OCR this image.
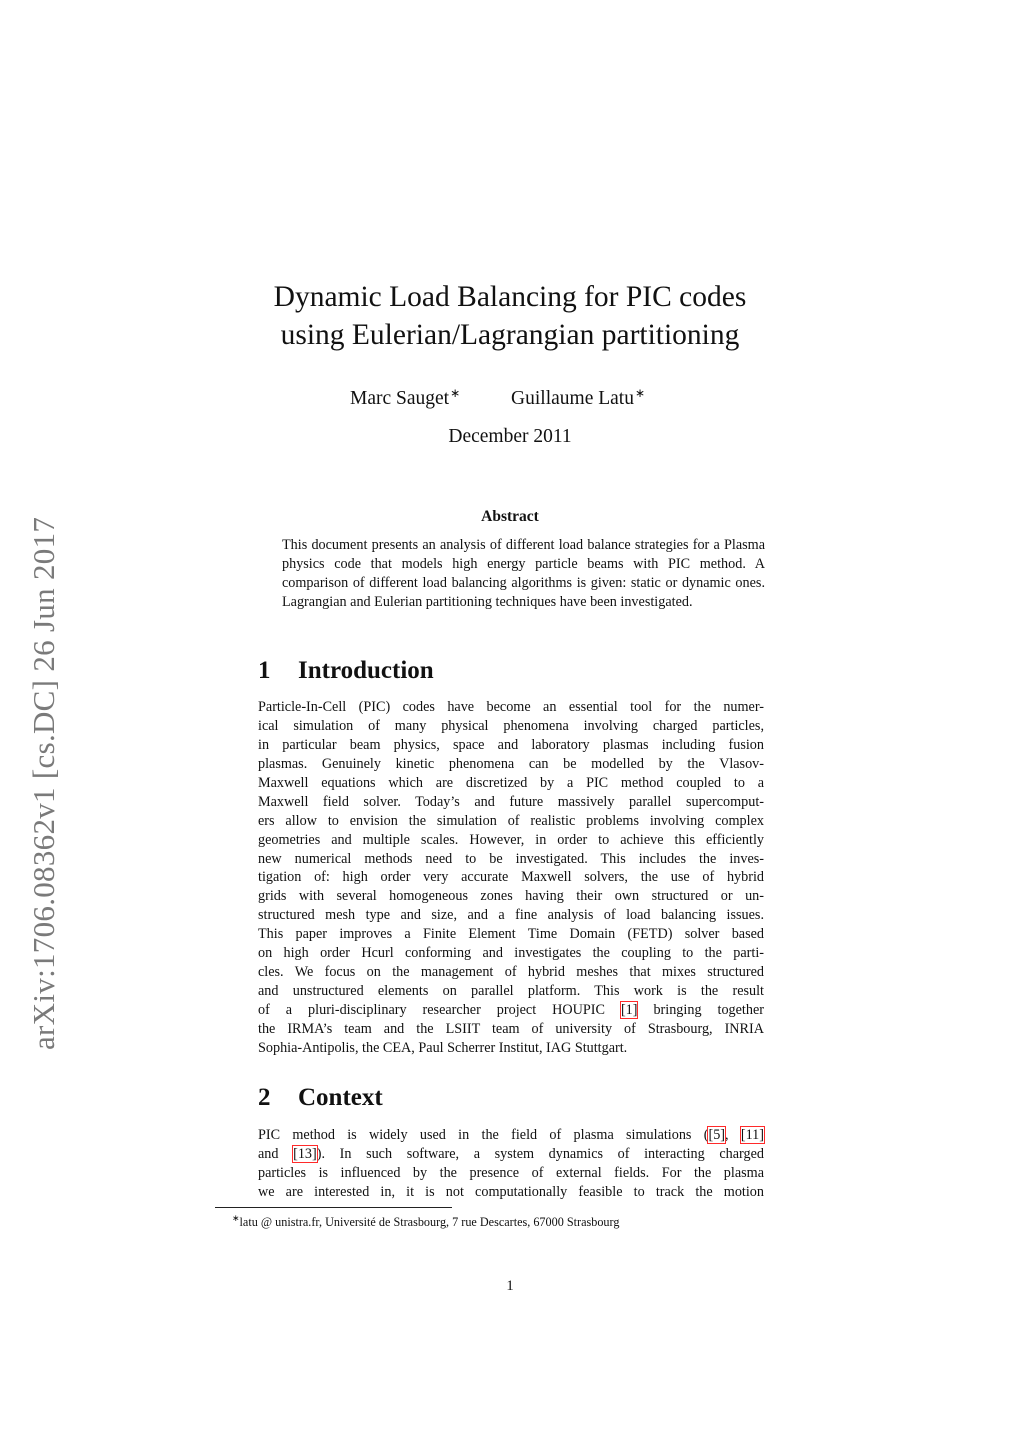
arXiv:1706.08362v1 [cs.DC] 26 Jun 2017
Dynamic Load Balancing for PIC codes
using Eulerian/Lagrangian partitioning
Marc Sauget∗	Guillaume Latu∗
December 2011
Abstract
This document presents an analysis of different load balance strategies for a Plasma physics code that models high energy particle beams with PIC method. A comparison of different load balancing algorithms is given: static or dynamic ones. Lagrangian and Eulerian partitioning techniques have been investigated.
1 Introduction
Particle-In-Cell (PIC) codes have become an essential tool for the numer-
ical simulation of many physical phenomena involving charged particles,
in particular beam physics, space and laboratory plasmas including fusion
plasmas. Genuinely kinetic phenomena can be modelled by the Vlasov-
Maxwell equations which are discretized by a PIC method coupled to a
Maxwell field solver. Today’s and future massively parallel supercomput-
ers allow to envision the simulation of realistic problems involving complex
geometries and multiple scales. However, in order to achieve this efficiently
new numerical methods need to be investigated. This includes the inves-
tigation of: high order very accurate Maxwell solvers, the use of hybrid
grids with several homogeneous zones having their own structured or un-
structured mesh type and size, and a fine analysis of load balancing issues.
This paper improves a Finite Element Time Domain (FETD) solver based
on high order Hcurl conforming and investigates the coupling to the parti-
cles. We focus on the management of hybrid meshes that mixes structured
and unstructured elements on parallel platform. This work is the result
of a pluri-disciplinary researcher project HOUPIC [1] bringing together
the IRMA’s team and the LSIIT team of university of Strasbourg, INRIA
Sophia-Antipolis, the CEA, Paul Scherrer Institut, IAG Stuttgart.
2 Context
PIC method is widely used in the field of plasma simulations ([5], [11]
and [13]). In such software, a system dynamics of interacting charged
particles is influenced by the presence of external fields. For the plasma
we are interested in, it is not computationally feasible to track the motion
∗latu @ unistra.fr, Université de Strasbourg, 7 rue Descartes, 67000 Strasbourg
1
